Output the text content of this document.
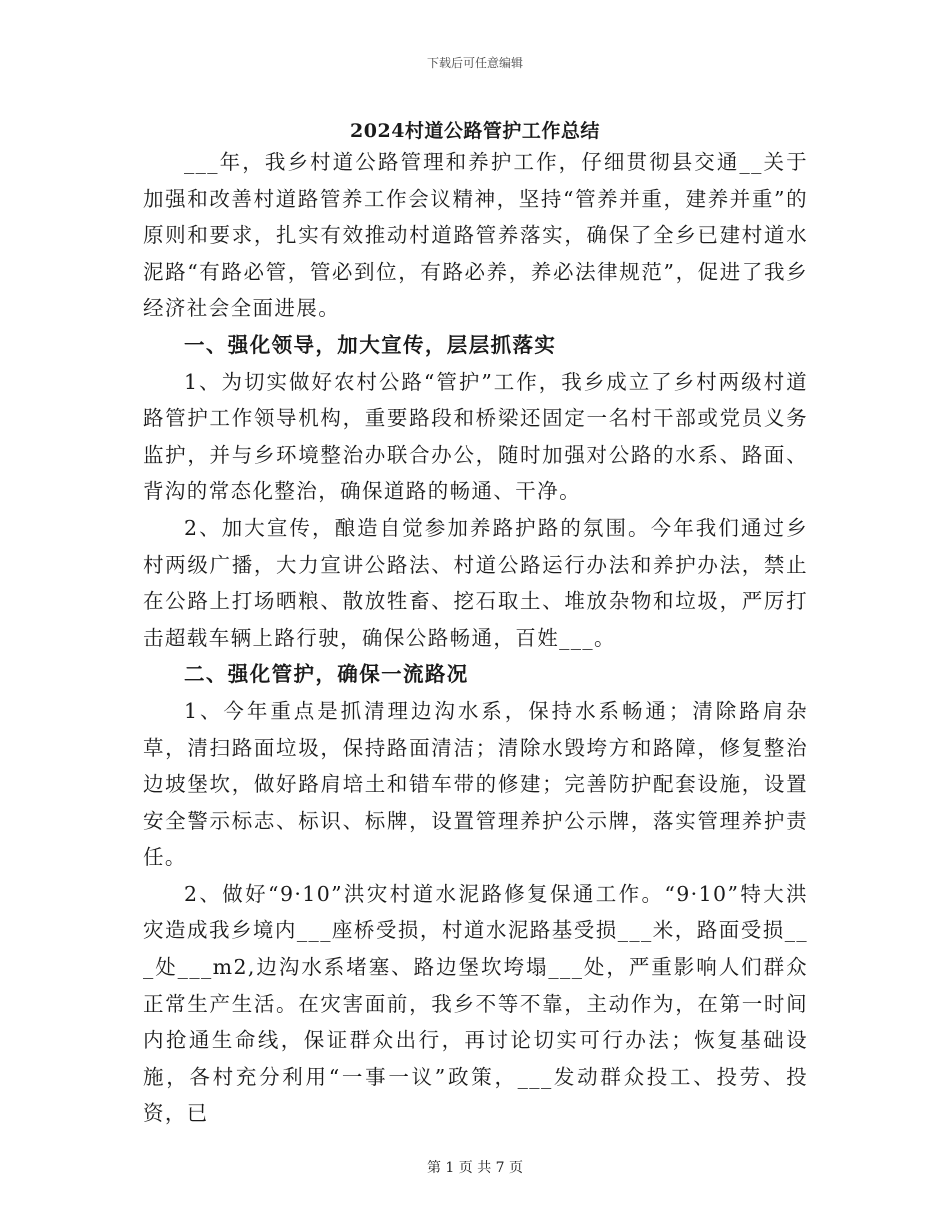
下载后可任意编辑
2024村道公路管护工作总结

___年，我乡村道公路管理和养护工作，仔细贯彻县交通__关于加强和改善村道路管养工作会议精神，坚持“管养并重，建养并重”的原则和要求，扎实有效推动村道路管养落实，确保了全乡已建村道水泥路“有路必管，管必到位，有路必养，养必法律规范”，促进了我乡经济社会全面进展。

一、强化领导，加大宣传，层层抓落实

1、为切实做好农村公路“管护”工作，我乡成立了乡村两级村道路管护工作领导机构，重要路段和桥梁还固定一名村干部或党员义务监护，并与乡环境整治办联合办公，随时加强对公路的水系、路面、背沟的常态化整治，确保道路的畅通、干净。

2、加大宣传，酿造自觉参加养路护路的氛围。今年我们通过乡村两级广播，大力宣讲公路法、村道公路运行办法和养护办法，禁止在公路上打场晒粮、散放牲畜、挖石取土、堆放杂物和垃圾，严厉打击超载车辆上路行驶，确保公路畅通，百姓___。

二、强化管护，确保一流路况

1、今年重点是抓清理边沟水系，保持水系畅通；清除路肩杂草，清扫路面垃圾，保持路面清洁；清除水毁垮方和路障，修复整治边坡堡坎，做好路肩培土和错车带的修建；完善防护配套设施，设置安全警示标志、标识、标牌，设置管理养护公示牌，落实管理养护责任。

2、做好“9·10”洪灾村道水泥路修复保通工作。“9·10”特大洪灾造成我乡境内___座桥受损，村道水泥路基受损___米，路面受损___处___m2,边沟水系堵塞、路边堡坎垮塌___处，严重影响人们群众正常生产生活。在灾害面前，我乡不等不靠，主动作为，在第一时间内抢通生命线，保证群众出行，再讨论切实可行办法；恢复基础设施，各村充分利用“一事一议”政策，___发动群众投工、投劳、投资，已

第 1 页 共 7 页
